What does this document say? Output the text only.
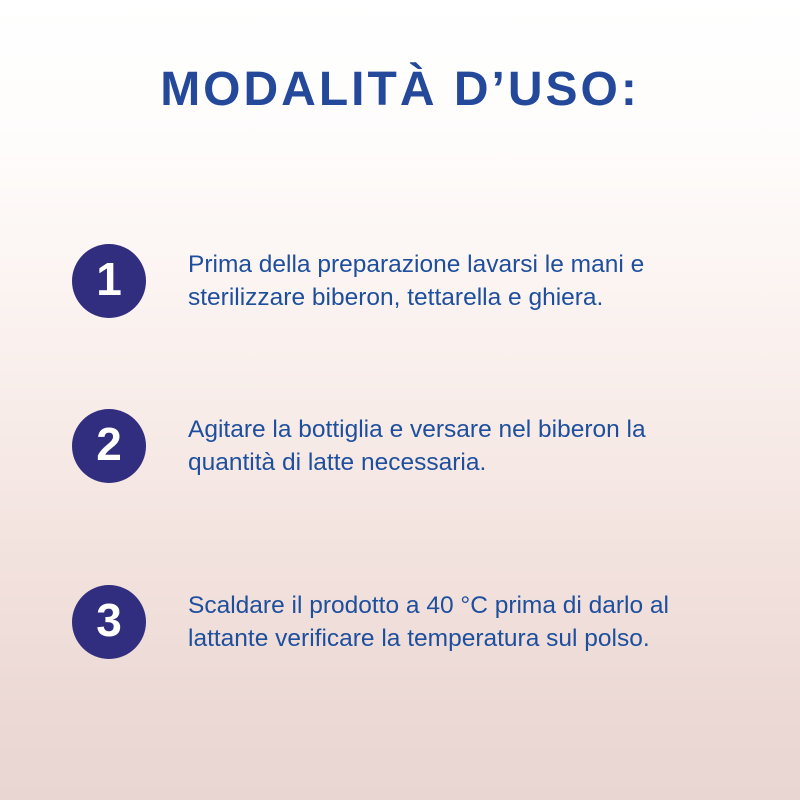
MODALITÀ D’USO:
1	Prima della preparazione lavarsi le mani e sterilizzare biberon, tettarella e ghiera.

2	Agitare la bottiglia e versare nel biberon la quantità di latte necessaria.

3	Scaldare il prodotto a 40 °C prima di darlo al lattante verificare la temperatura sul polso.
